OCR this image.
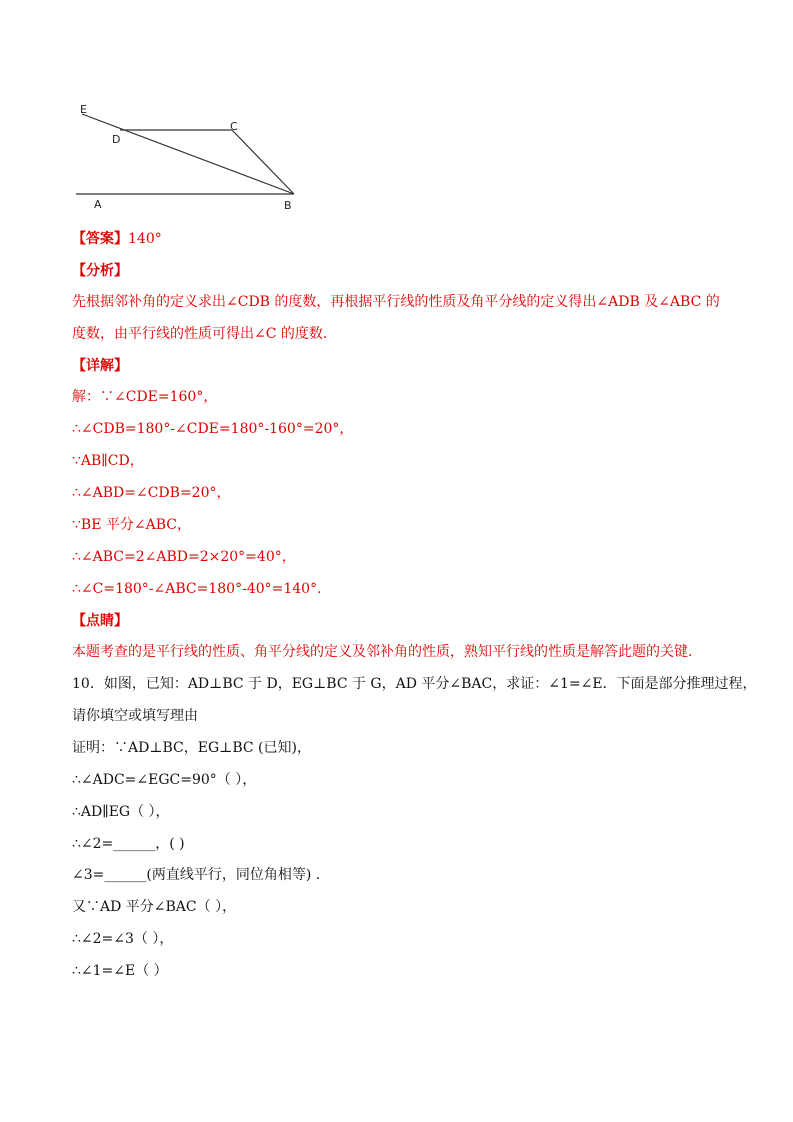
E
D
C
A	B
【答案】140°
【分析】
先根据邻补角的定义求出∠CDB 的度数，再根据平行线的性质及角平分线的定义得出∠ADB 及∠ABC 的
度数，由平行线的性质可得出∠C 的度数．
【详解】
解：∵∠CDE=160°，
∴∠CDB=180°-∠CDE=180°-160°=20°，
∵AB∥CD，
∴∠ABD=∠CDB=20°，
∵BE 平分∠ABC，
∴∠ABC=2∠ABD=2×20°=40°，
∴∠C=180°-∠ABC=180°-40°=140°.
【点睛】
本题考查的是平行线的性质、角平分线的定义及邻补角的性质，熟知平行线的性质是解答此题的关键．
10．如图，已知：AD⊥BC 于 D，EG⊥BC 于 G，AD 平分∠BAC，求证：∠1=∠E．下面是部分推理过程，
请你填空或填写理由
证明：∵AD⊥BC，EG⊥BC (已知)，
∴∠ADC=∠EGC=90°（ ），
∴AD∥EG（ ），
∴∠2=______，( )
∠3=______(两直线平行，同位角相等) ．
又∵AD 平分∠BAC（ ），
∴∠2=∠3（ ），
∴∠1=∠E（ ）
